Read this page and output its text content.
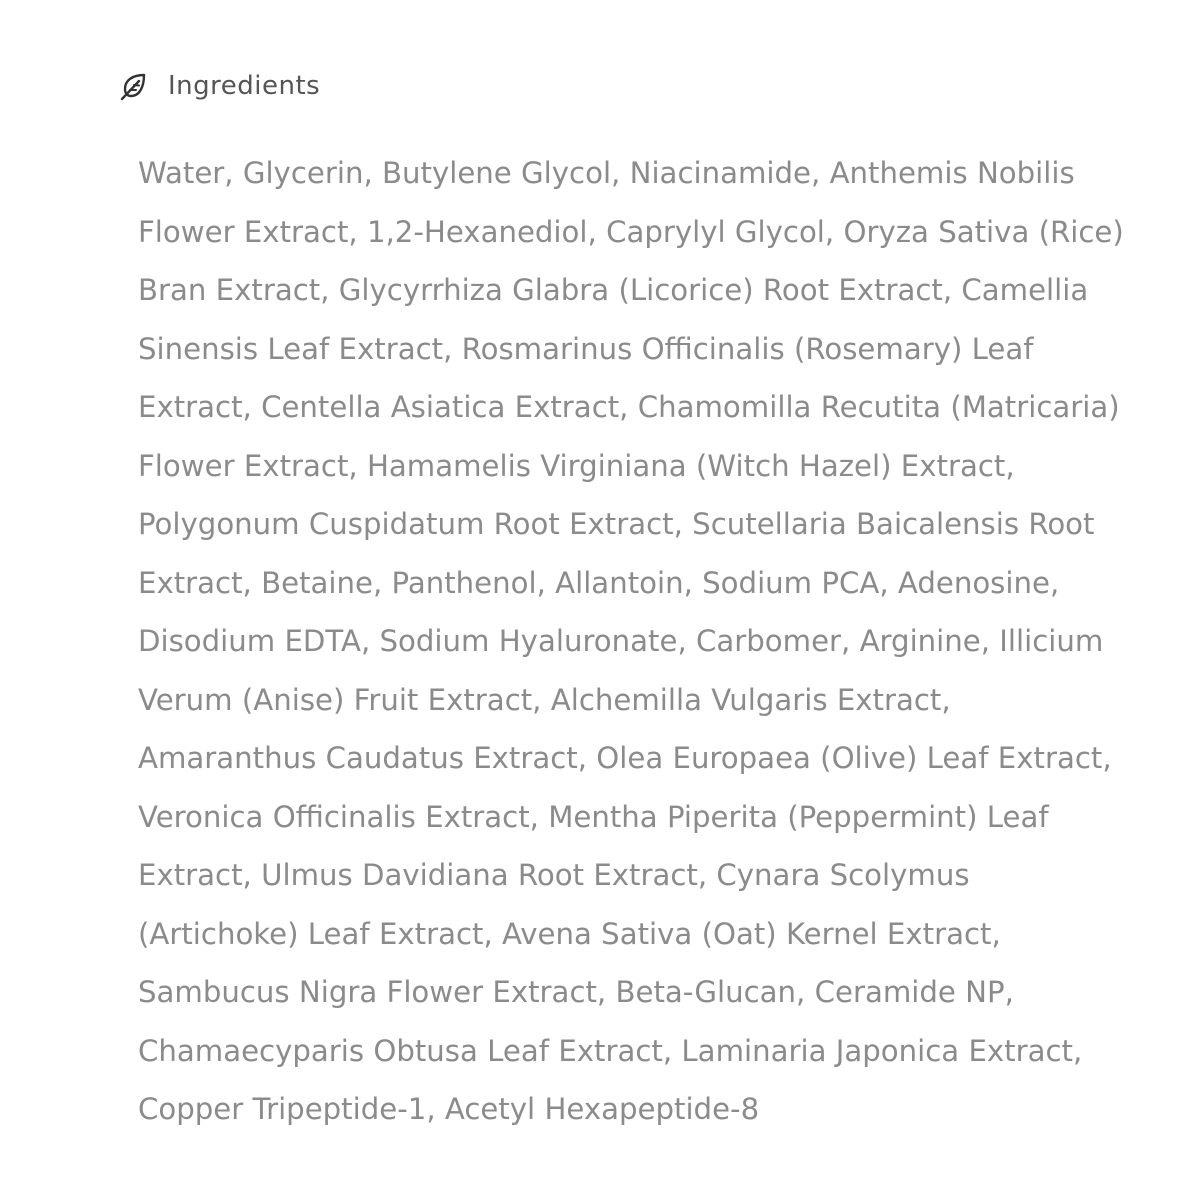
Ingredients

Water, Glycerin, Butylene Glycol, Niacinamide, Anthemis Nobilis
Flower Extract, 1,2-Hexanediol, Caprylyl Glycol, Oryza Sativa (Rice)
Bran Extract, Glycyrrhiza Glabra (Licorice) Root Extract, Camellia
Sinensis Leaf Extract, Rosmarinus Officinalis (Rosemary) Leaf
Extract, Centella Asiatica Extract, Chamomilla Recutita (Matricaria)
Flower Extract, Hamamelis Virginiana (Witch Hazel) Extract,
Polygonum Cuspidatum Root Extract, Scutellaria Baicalensis Root
Extract, Betaine, Panthenol, Allantoin, Sodium PCA, Adenosine,
Disodium EDTA, Sodium Hyaluronate, Carbomer, Arginine, Illicium
Verum (Anise) Fruit Extract, Alchemilla Vulgaris Extract,
Amaranthus Caudatus Extract, Olea Europaea (Olive) Leaf Extract,
Veronica Officinalis Extract, Mentha Piperita (Peppermint) Leaf
Extract, Ulmus Davidiana Root Extract, Cynara Scolymus
(Artichoke) Leaf Extract, Avena Sativa (Oat) Kernel Extract,
Sambucus Nigra Flower Extract, Beta-Glucan, Ceramide NP,
Chamaecyparis Obtusa Leaf Extract, Laminaria Japonica Extract,
Copper Tripeptide-1, Acetyl Hexapeptide-8
